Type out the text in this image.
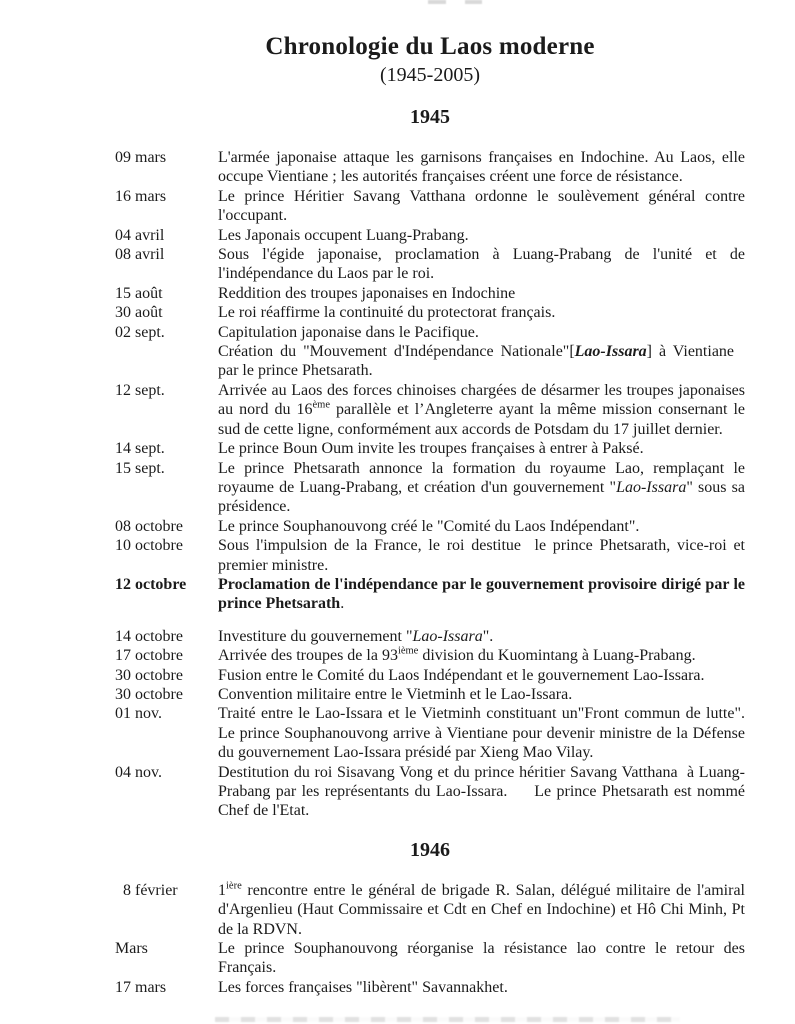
Chronologie du Laos moderne
(1945-2005)
1945
09 mars	L'armée japonaise attaque les garnisons françaises en Indochine. Au Laos, elle occupe Vientiane ; les autorités françaises créent une force de résistance.
16 mars	Le prince Héritier Savang Vatthana ordonne le soulèvement général contre l'occupant.
04 avril	Les Japonais occupent Luang-Prabang.
08 avril	Sous l'égide japonaise, proclamation à Luang-Prabang de l'unité et de l'indépendance du Laos par le roi.
15 août	Reddition des troupes japonaises en Indochine
30 août	Le roi réaffirme la continuité du protectorat français.
02 sept.	Capitulation japonaise dans le Pacifique.
Création du "Mouvement d'Indépendance Nationale"[Lao-Issara] à Vientiane   par le prince Phetsarath.
12 sept.	Arrivée au Laos des forces chinoises chargées de désarmer les troupes japonaises au nord du 16ème parallèle et l’Angleterre ayant la même mission consernant le sud de cette ligne, conformément aux accords de Potsdam du 17 juillet dernier.
14 sept.	Le prince Boun Oum invite les troupes françaises à entrer à Paksé.
15 sept.	Le prince Phetsarath annonce la formation du royaume Lao, remplaçant le royaume de Luang-Prabang, et création d'un gouvernement "Lao-Issara" sous sa présidence.
08 octobre	Le prince Souphanouvong créé le "Comité du Laos Indépendant".
10 octobre	Sous l'impulsion de la France, le roi destitue  le prince Phetsarath, vice-roi et premier ministre.
12 octobre	Proclamation de l'indépendance par le gouvernement provisoire dirigé par le prince Phetsarath.
14 octobre	Investiture du gouvernement "Lao-Issara".
17 octobre	Arrivée des troupes de la 93ième division du Kuomintang à Luang-Prabang.
30 octobre	Fusion entre le Comité du Laos Indépendant et le gouvernement Lao-Issara.
30 octobre	Convention militaire entre le Vietminh et le Lao-Issara.
01 nov.	Traité entre le Lao-Issara et le Vietminh constituant un"Front commun de lutte". Le prince Souphanouvong arrive à Vientiane pour devenir ministre de la Défense du gouvernement Lao-Issara présidé par Xieng Mao Vilay.
04 nov.	Destitution du roi Sisavang Vong et du prince héritier Savang Vatthana  à Luang-Prabang par les représentants du Lao-Issara.     Le prince Phetsarath est nommé Chef de l'Etat.
1946
8 février	$1^{ière}$ rencontre entre le général de brigade R. Salan, délégué militaire de l'amiral d'Argenlieu (Haut Commissaire et Cdt en Chef en Indochine) et Hô Chi Minh, Pt de la RDVN.
Mars	Le prince Souphanouvong réorganise la résistance lao contre le retour des Français.
17 mars	Les forces françaises "libèrent" Savannakhet.
